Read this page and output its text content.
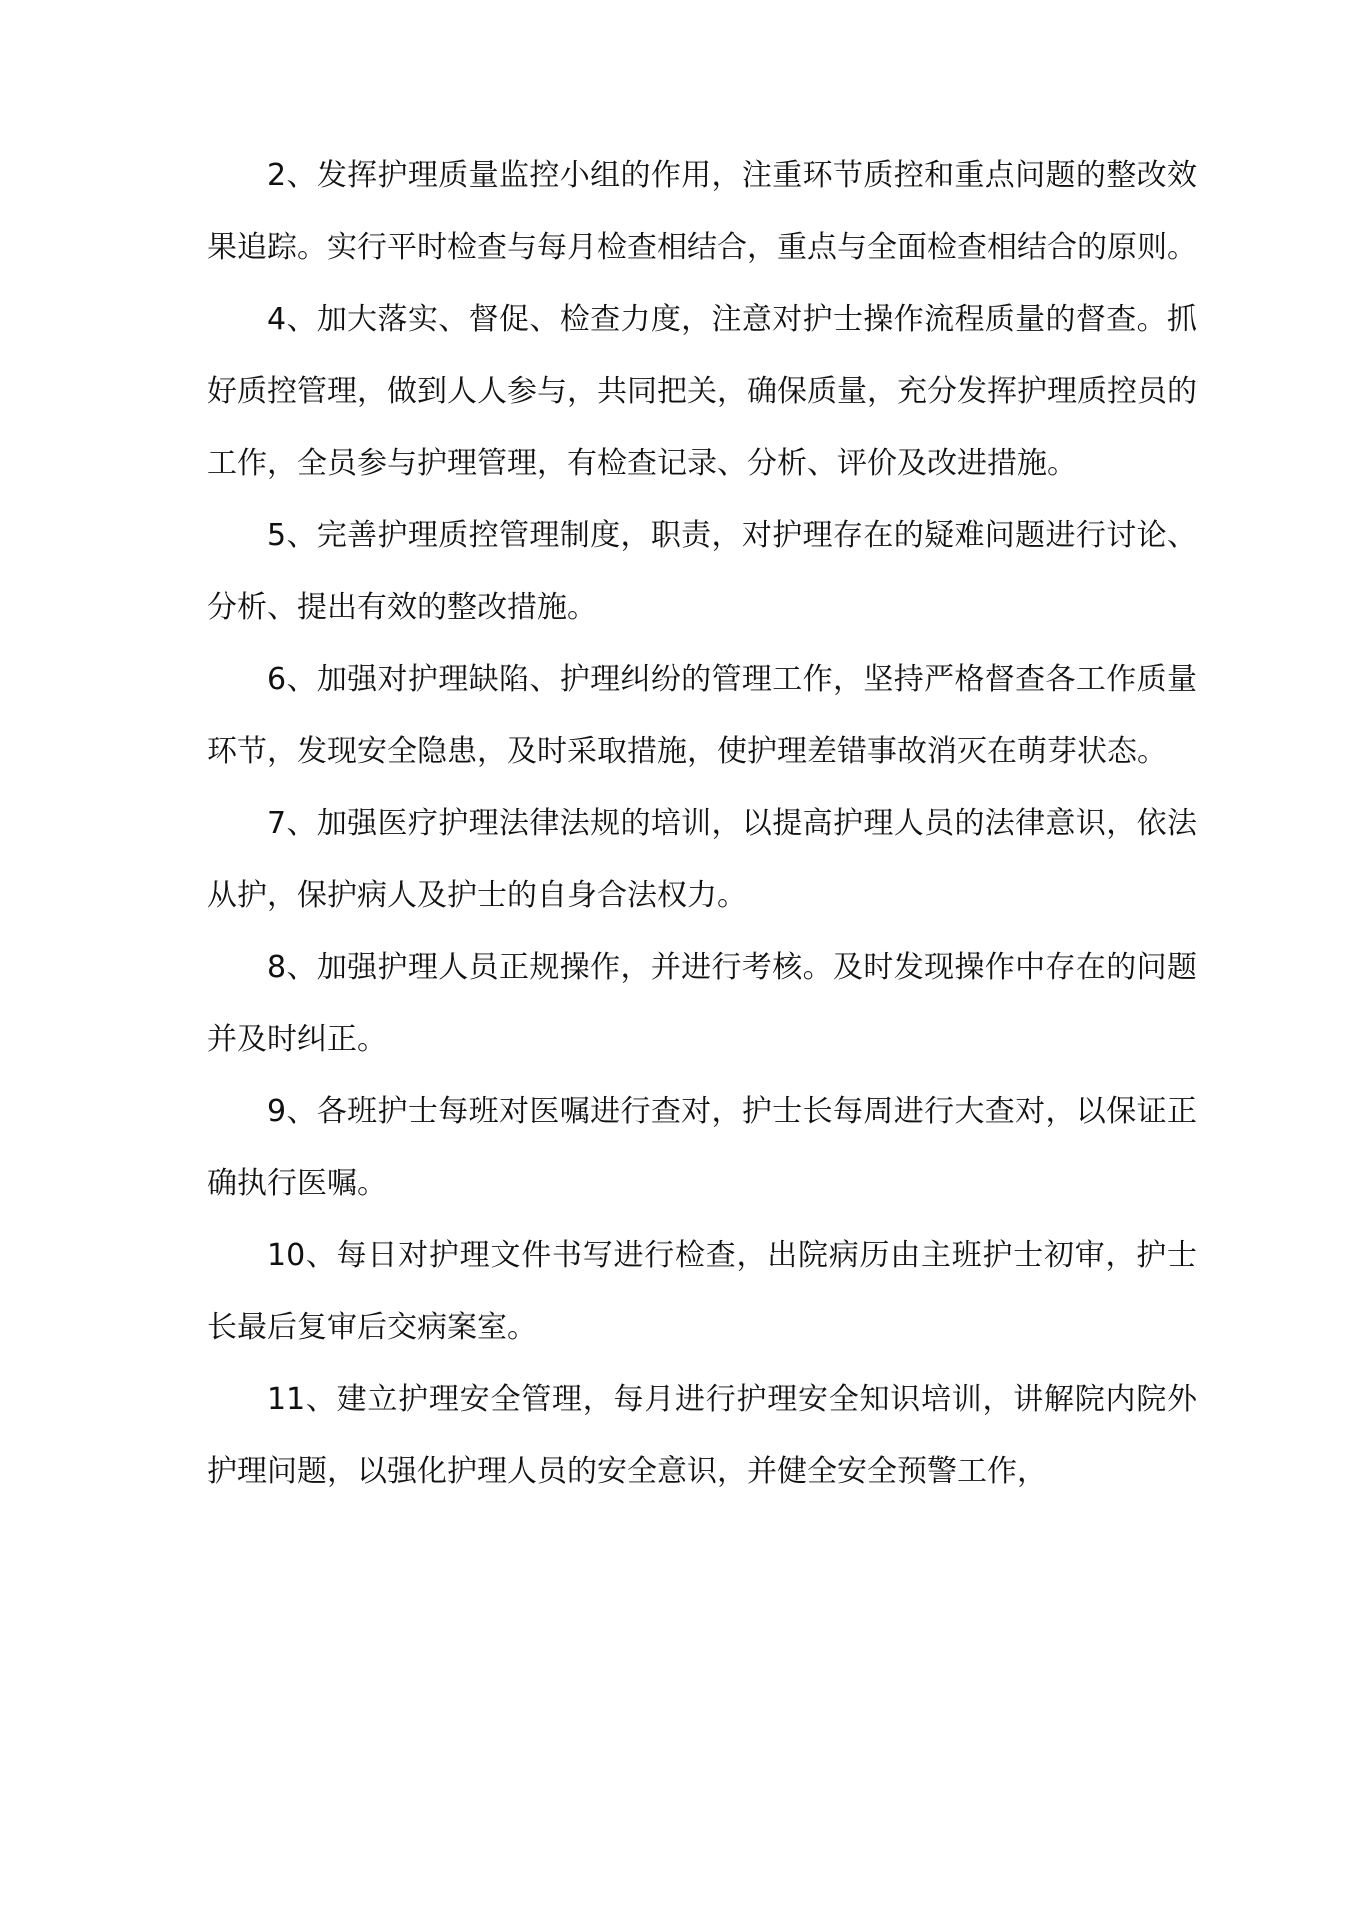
2、发挥护理质量监控小组的作用，注重环节质控和重点问题的整改效果追踪。实行平时检查与每月检查相结合，重点与全面检查相结合的原则。

4、加大落实、督促、检查力度，注意对护士操作流程质量的督查。抓好质控管理，做到人人参与，共同把关，确保质量，充分发挥护理质控员的工作，全员参与护理管理，有检查记录、分析、评价及改进措施。

5、完善护理质控管理制度，职责，对护理存在的疑难问题进行讨论、分析、提出有效的整改措施。

6、加强对护理缺陷、护理纠纷的管理工作，坚持严格督查各工作质量环节，发现安全隐患，及时采取措施，使护理差错事故消灭在萌芽状态。

7、加强医疗护理法律法规的培训，以提高护理人员的法律意识，依法从护，保护病人及护士的自身合法权力。

8、加强护理人员正规操作，并进行考核。及时发现操作中存在的问题并及时纠正。

9、各班护士每班对医嘱进行查对，护士长每周进行大查对，以保证正确执行医嘱。

10、每日对护理文件书写进行检查，出院病历由主班护士初审，护士长最后复审后交病案室。

11、建立护理安全管理，每月进行护理安全知识培训，讲解院内院外护理问题，以强化护理人员的安全意识，并健全安全预警工作，
